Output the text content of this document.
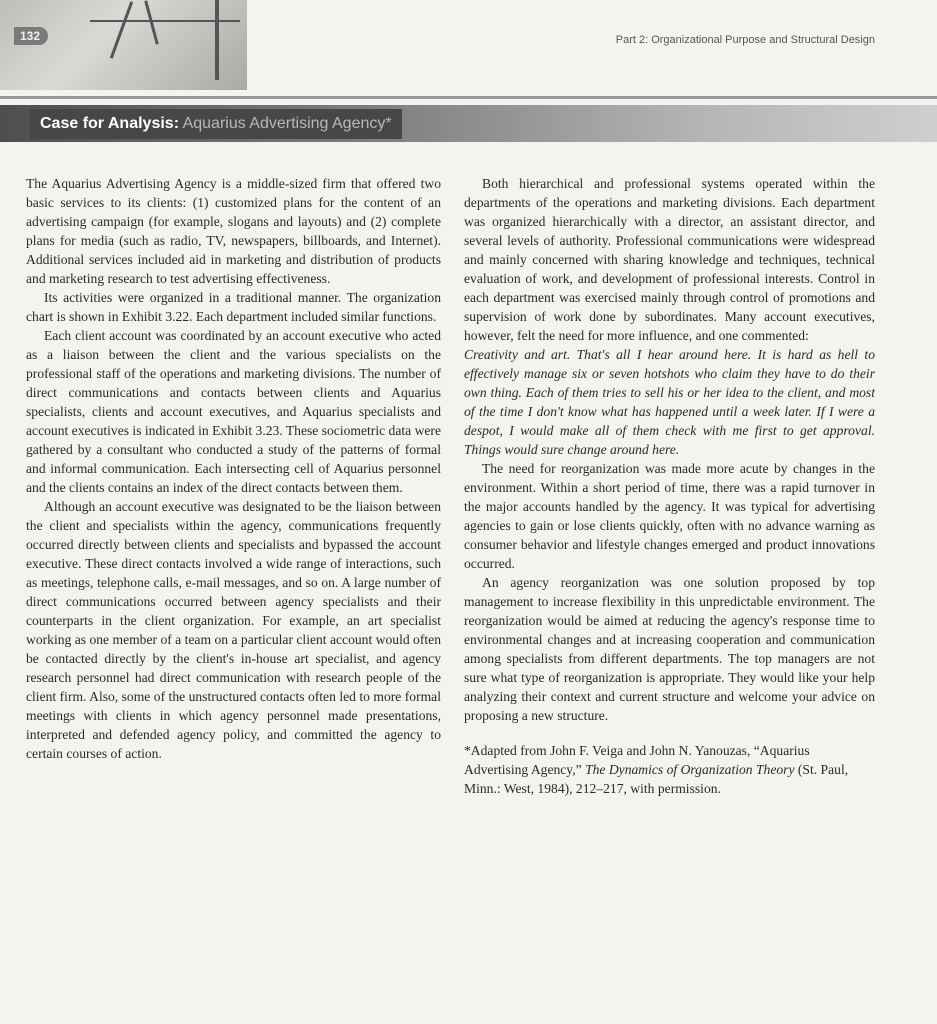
132	Part 2: Organizational Purpose and Structural Design
Case for Analysis: Aquarius Advertising Agency*

The Aquarius Advertising Agency is a middle-sized firm that offered two basic services to its clients: (1) customized plans for the content of an advertising campaign (for example, slogans and layouts) and (2) complete plans for media (such as radio, TV, newspapers, billboards, and Internet). Additional services included aid in marketing and distribution of products and marketing research to test advertising effectiveness.

Its activities were organized in a traditional manner. The organization chart is shown in Exhibit 3.22. Each department included similar functions.

Each client account was coordinated by an account executive who acted as a liaison between the client and the various specialists on the professional staff of the operations and marketing divisions. The number of direct communications and contacts between clients and Aquarius specialists, clients and account executives, and Aquarius specialists and account executives is indicated in Exhibit 3.23. These sociometric data were gathered by a consultant who conducted a study of the patterns of formal and informal communication. Each intersecting cell of Aquarius personnel and the clients contains an index of the direct contacts between them.

Although an account executive was designated to be the liaison between the client and specialists within the agency, communications frequently occurred directly between clients and specialists and bypassed the account executive. These direct contacts involved a wide range of interactions, such as meetings, telephone calls, e-mail messages, and so on. A large number of direct communications occurred between agency specialists and their counterparts in the client organization. For example, an art specialist working as one member of a team on a particular client account would often be contacted directly by the client's in-house art specialist, and agency research personnel had direct communication with research people of the client firm. Also, some of the unstructured contacts often led to more formal meetings with clients in which agency personnel made presentations, interpreted and defended agency policy, and committed the agency to certain courses of action.

Both hierarchical and professional systems operated within the departments of the operations and marketing divisions. Each department was organized hierarchically with a director, an assistant director, and several levels of authority. Professional communications were widespread and mainly concerned with sharing knowledge and techniques, technical evaluation of work, and development of professional interests. Control in each department was exercised mainly through control of promotions and supervision of work done by subordinates. Many account executives, however, felt the need for more influence, and one commented:

Creativity and art. That's all I hear around here. It is hard as hell to effectively manage six or seven hotshots who claim they have to do their own thing. Each of them tries to sell his or her idea to the client, and most of the time I don't know what has happened until a week later. If I were a despot, I would make all of them check with me first to get approval. Things would sure change around here.

The need for reorganization was made more acute by changes in the environment. Within a short period of time, there was a rapid turnover in the major accounts handled by the agency. It was typical for advertising agencies to gain or lose clients quickly, often with no advance warning as consumer behavior and lifestyle changes emerged and product innovations occurred.

An agency reorganization was one solution proposed by top management to increase flexibility in this unpredictable environment. The reorganization would be aimed at reducing the agency's response time to environmental changes and at increasing cooperation and communication among specialists from different departments. The top managers are not sure what type of reorganization is appropriate. They would like your help analyzing their context and current structure and welcome your advice on proposing a new structure.

*Adapted from John F. Veiga and John N. Yanouzas, “Aquarius Advertising Agency,” The Dynamics of Organization Theory (St. Paul, Minn.: West, 1984), 212–217, with permission.
